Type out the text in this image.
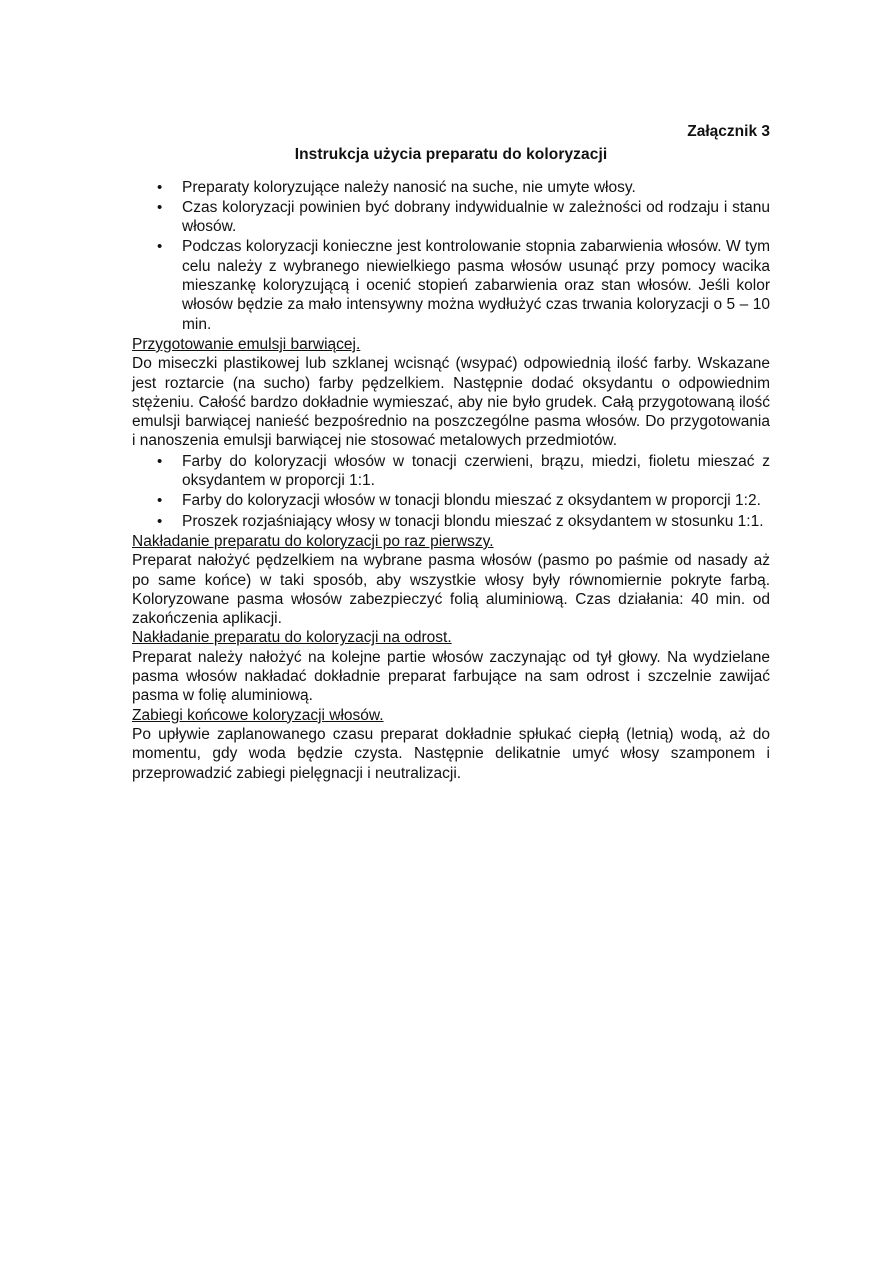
Załącznik 3

Instrukcja użycia preparatu do koloryzacji

• Preparaty koloryzujące należy nanosić na suche, nie umyte włosy.
• Czas koloryzacji powinien być dobrany indywidualnie w zależności od rodzaju i stanu włosów.
• Podczas koloryzacji konieczne jest kontrolowanie stopnia zabarwienia włosów. W tym celu należy z wybranego niewielkiego pasma włosów usunąć przy pomocy wacika mieszankę koloryzującą i ocenić stopień zabarwienia oraz stan włosów. Jeśli kolor włosów będzie za mało intensywny można wydłużyć czas trwania koloryzacji o 5 – 10 min.

Przygotowanie emulsji barwiącej.

Do miseczki plastikowej lub szklanej wcisnąć (wsypać) odpowiednią ilość farby. Wskazane jest roztarcie (na sucho) farby pędzelkiem. Następnie dodać oksydantu o odpowiednim stężeniu. Całość bardzo dokładnie wymieszać, aby nie było grudek. Całą przygotowaną ilość emulsji barwiącej nanieść bezpośrednio na poszczególne pasma włosów. Do przygotowania i nanoszenia emulsji barwiącej nie stosować metalowych przedmiotów.

• Farby do koloryzacji włosów w tonacji czerwieni, brązu, miedzi, fioletu mieszać z oksydantem w proporcji 1:1.
• Farby do koloryzacji włosów w tonacji blondu mieszać z oksydantem w proporcji 1:2.
• Proszek rozjaśniający włosy w tonacji blondu mieszać z oksydantem w stosunku 1:1.

Nakładanie preparatu do koloryzacji po raz pierwszy.

Preparat nałożyć pędzelkiem na wybrane pasma włosów (pasmo po paśmie od nasady aż po same końce) w taki sposób, aby wszystkie włosy były równomiernie pokryte farbą. Koloryzowane pasma włosów zabezpieczyć folią aluminiową. Czas działania: 40 min. od zakończenia aplikacji.

Nakładanie preparatu do koloryzacji na odrost.

Preparat należy nałożyć na kolejne partie włosów zaczynając od tył głowy. Na wydzielane pasma włosów nakładać dokładnie preparat farbujące na sam odrost i szczelnie zawijać pasma w folię aluminiową.

Zabiegi końcowe koloryzacji włosów.

Po upływie zaplanowanego czasu preparat dokładnie spłukać ciepłą (letnią) wodą, aż do momentu, gdy woda będzie czysta. Następnie delikatnie umyć włosy szamponem i przeprowadzić zabiegi pielęgnacji i neutralizacji.
